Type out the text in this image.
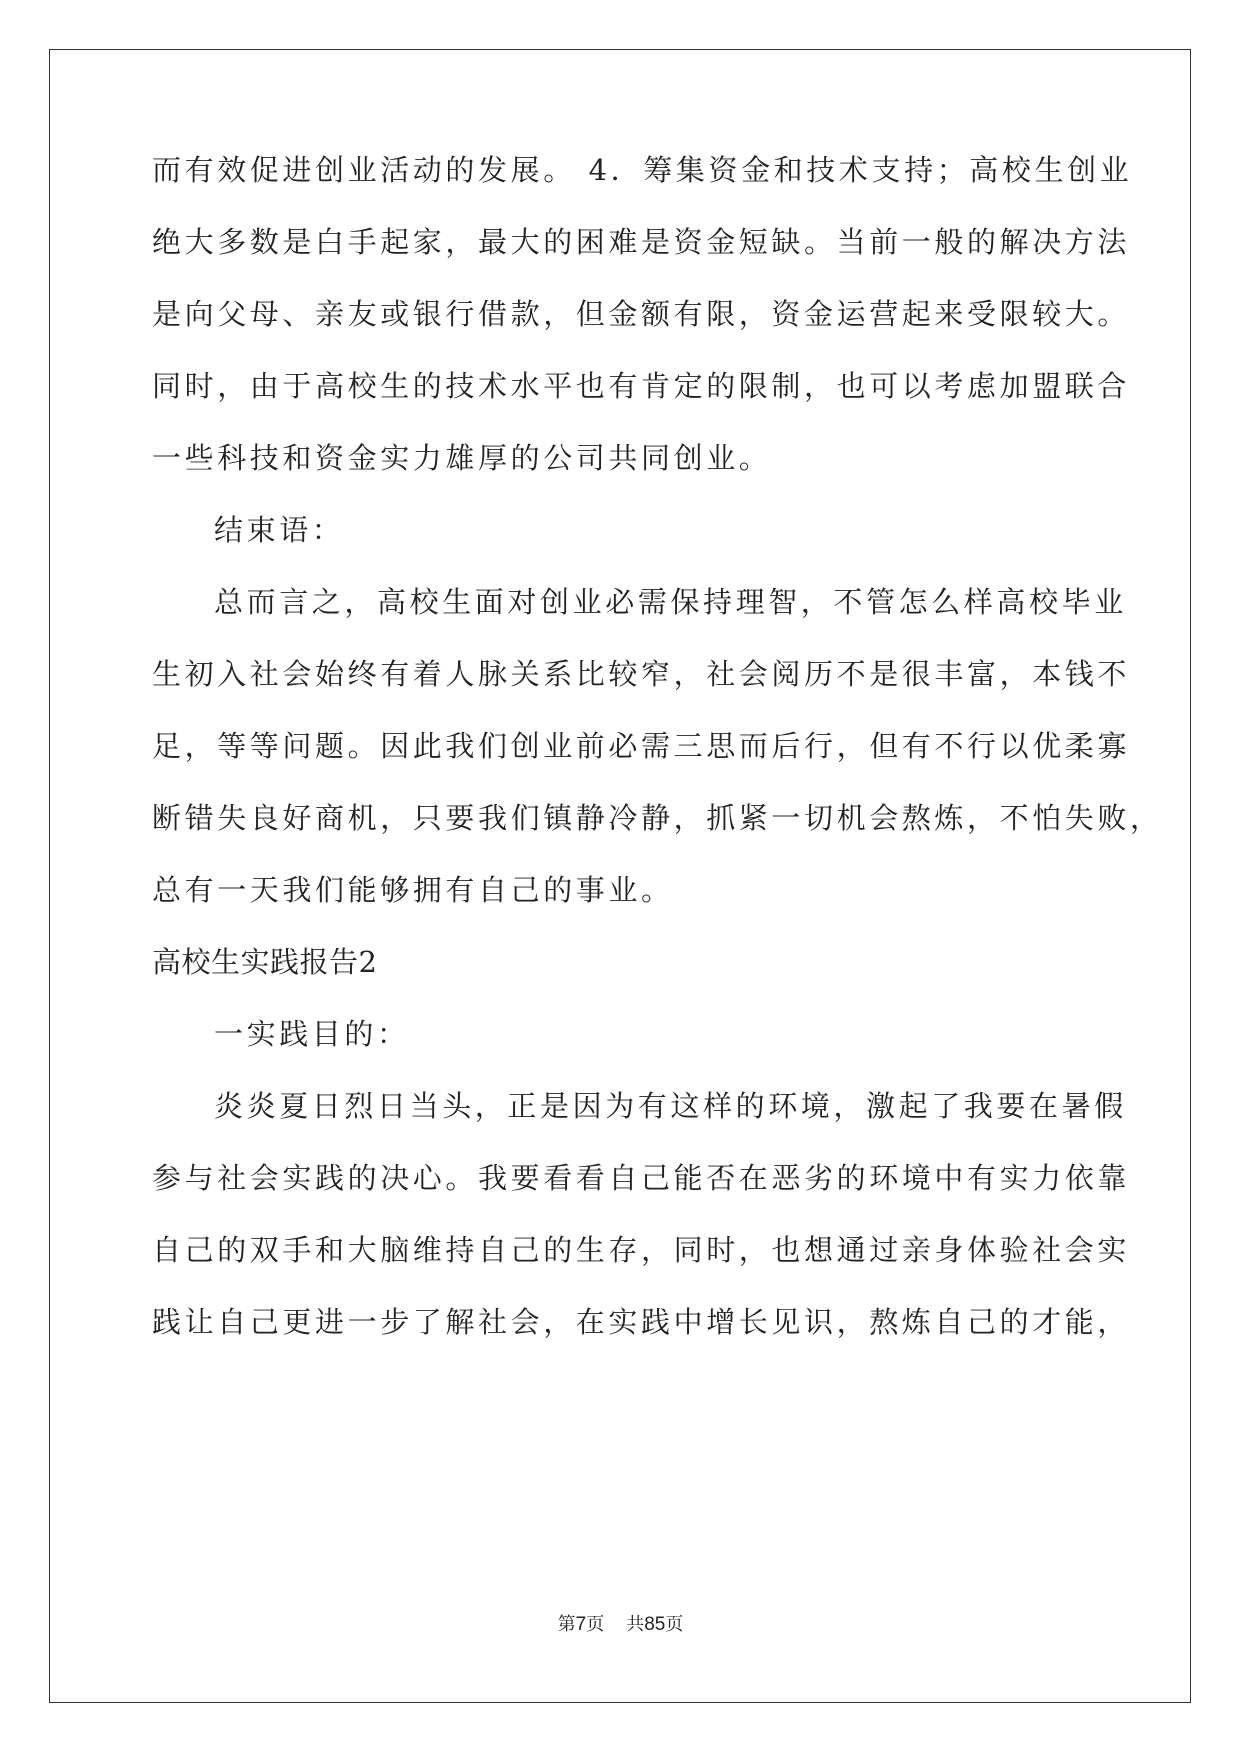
而有效促进创业活动的发展。 4．筹集资金和技术支持；高校生创业
绝大多数是白手起家，最大的困难是资金短缺。当前一般的解决方法
是向父母、亲友或银行借款，但金额有限，资金运营起来受限较大。
同时，由于高校生的技术水平也有肯定的限制，也可以考虑加盟联合
一些科技和资金实力雄厚的公司共同创业。
结束语：
总而言之，高校生面对创业必需保持理智，不管怎么样高校毕业
生初入社会始终有着人脉关系比较窄，社会阅历不是很丰富，本钱不
足，等等问题。因此我们创业前必需三思而后行，但有不行以优柔寡
断错失良好商机，只要我们镇静冷静，抓紧一切机会熬炼，不怕失败，
总有一天我们能够拥有自己的事业。
高校生实践报告2
一实践目的：
炎炎夏日烈日当头，正是因为有这样的环境，激起了我要在暑假
参与社会实践的决心。我要看看自己能否在恶劣的环境中有实力依靠
自己的双手和大脑维持自己的生存，同时，也想通过亲身体验社会实
践让自己更进一步了解社会，在实践中增长见识，熬炼自己的才能，
第7页 共85页
